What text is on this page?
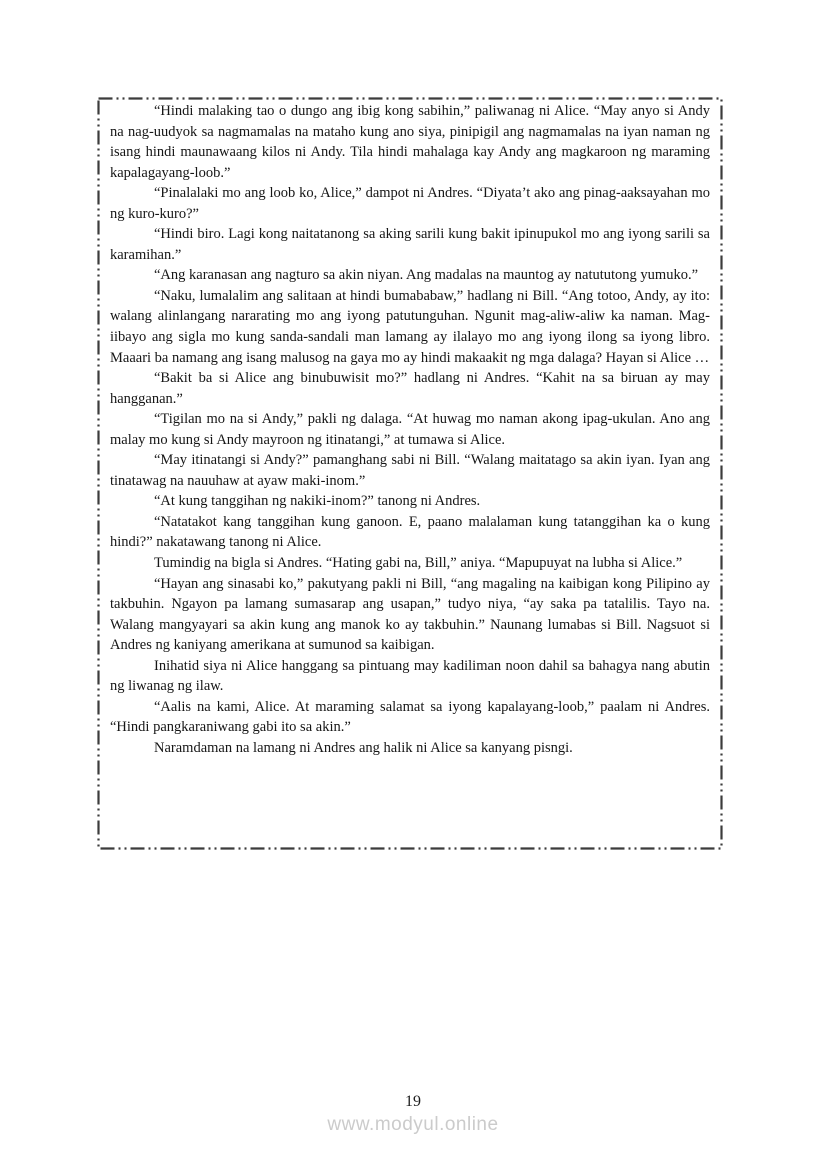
“Hindi malaking tao o dungo ang ibig kong sabihin,” paliwanag ni Alice. “May anyo si Andy na nag-uudyok sa nagmamalas na mataho kung ano siya, pinipigil ang nagmamalas na iyan naman ng isang hindi maunawaang kilos ni Andy. Tila hindi mahalaga kay Andy ang magkaroon ng maraming kapalagayang-loob.”

“Pinalalaki mo ang loob ko, Alice,” dampot ni Andres. “Diyata’t ako ang pinag-aaksayahan mo ng kuro-kuro?”

“Hindi biro. Lagi kong naitatanong sa aking sarili kung bakit ipinupukol mo ang iyong sarili sa karamihan.”

“Ang karanasan ang nagturo sa akin niyan. Ang madalas na mauntog ay natututong yumuko.”

“Naku, lumalalim ang salitaan at hindi bumababaw,” hadlang ni Bill. “Ang totoo, Andy, ay ito: walang alinlangang nararating mo ang iyong patutunguhan. Ngunit mag-aliw-aliw ka naman. Mag-iibayo ang sigla mo kung sanda-sandali man lamang ay ilalayo mo ang iyong ilong sa iyong libro. Maaari ba namang ang isang malusog na gaya mo ay hindi makaakit ng mga dalaga? Hayan si Alice …

“Bakit ba si Alice ang binubuwisit mo?” hadlang ni Andres. “Kahit na sa biruan ay may hangganan.”

“Tigilan mo na si Andy,” pakli ng dalaga. “At huwag mo naman akong ipag-ukulan. Ano ang malay mo kung si Andy mayroon ng itinatangi,” at tumawa si Alice.

“May itinatangi si Andy?” pamanghang sabi ni Bill. “Walang maitatago sa akin iyan. Iyan ang tinatawag na nauuhaw at ayaw maki-inom.”

“At kung tanggihan ng nakiki-inom?” tanong ni Andres.

“Natatakot kang tanggihan kung ganoon. E, paano malalaman kung tatanggihan ka o kung hindi?” nakatawang tanong ni Alice.

Tumindig na bigla si Andres. “Hating gabi na, Bill,” aniya. “Mapupuyat na lubha si Alice.”

“Hayan ang sinasabi ko,” pakutyang pakli ni Bill, “ang magaling na kaibigan kong Pilipino ay takbuhin. Ngayon pa lamang sumasarap ang usapan,” tudyo niya, “ay saka pa tatalilis. Tayo na. Walang mangyayari sa akin kung ang manok ko ay takbuhin.” Naunang lumabas si Bill. Nagsuot si Andres ng kaniyang amerikana at sumunod sa kaibigan.

Inihatid siya ni Alice hanggang sa pintuang may kadiliman noon dahil sa bahagya nang abutin ng liwanag ng ilaw.

“Aalis na kami, Alice. At maraming salamat sa iyong kapalayang-loob,” paalam ni Andres. “Hindi pangkaraniwang gabi ito sa akin.”

Naramdaman na lamang ni Andres ang halik ni Alice sa kanyang pisngi.

19
www.modyul.online
